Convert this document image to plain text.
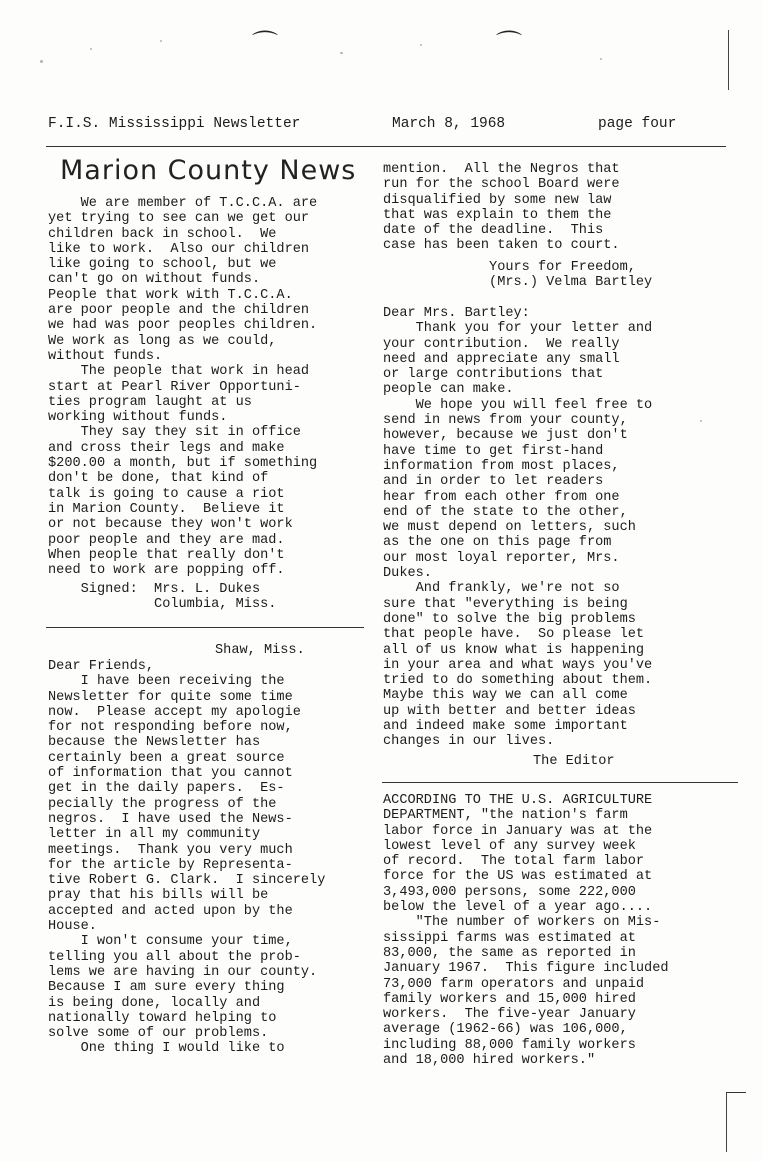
⌒	⌒
F.I.S. Mississippi Newsletter	March 8, 1968	page four
Marion County News
We are member of T.C.C.A. are
yet trying to see can we get our
children back in school.  We
like to work.  Also our children
like going to school, but we
can't go on without funds.
People that work with T.C.C.A.
are poor people and the children
we had was poor peoples children.
We work as long as we could,
without funds.
The people that work in head
start at Pearl River Opportuni-
ties program laught at us
working without funds.
They say they sit in office
and cross their legs and make
$200.00 a month, but if something
don't be done, that kind of
talk is going to cause a riot
in Marion County.  Believe it
or not because they won't work
poor people and they are mad.
When people that really don't
need to work are popping off.
Signed:  Mrs. L. Dukes
Columbia, Miss.
Shaw, Miss.
Dear Friends,
I have been receiving the
Newsletter for quite some time
now.  Please accept my apologie
for not responding before now,
because the Newsletter has
certainly been a great source
of information that you cannot
get in the daily papers.  Es-
pecially the progress of the
negros.  I have used the News-
letter in all my community
meetings.  Thank you very much
for the article by Representa-
tive Robert G. Clark.  I sincerely
pray that his bills will be
accepted and acted upon by the
House.
I won't consume your time,
telling you all about the prob-
lems we are having in our county.
Because I am sure every thing
is being done, locally and
nationally toward helping to
solve some of our problems.
One thing I would like to
mention.  All the Negros that
run for the school Board were
disqualified by some new law
that was explain to them the
date of the deadline.  This
case has been taken to court.
Yours for Freedom,
(Mrs.) Velma Bartley
Dear Mrs. Bartley:
Thank you for your letter and
your contribution.  We really
need and appreciate any small
or large contributions that
people can make.
We hope you will feel free to
send in news from your county,
however, because we just don't
have time to get first-hand
information from most places,
and in order to let readers
hear from each other from one
end of the state to the other,
we must depend on letters, such
as the one on this page from
our most loyal reporter, Mrs.
Dukes.
And frankly, we're not so
sure that "everything is being
done" to solve the big problems
that people have.  So please let
all of us know what is happening
in your area and what ways you've
tried to do something about them.
Maybe this way we can all come
up with better and better ideas
and indeed make some important
changes in our lives.
The Editor
ACCORDING TO THE U.S. AGRICULTURE
DEPARTMENT, "the nation's farm
labor force in January was at the
lowest level of any survey week
of record.  The total farm labor
force for the US was estimated at
3,493,000 persons, some 222,000
below the level of a year ago....
"The number of workers on Mis-
sissippi farms was estimated at
83,000, the same as reported in
January 1967.  This figure included
73,000 farm operators and unpaid
family workers and 15,000 hired
workers.  The five-year January
average (1962-66) was 106,000,
including 88,000 family workers
and 18,000 hired workers."
